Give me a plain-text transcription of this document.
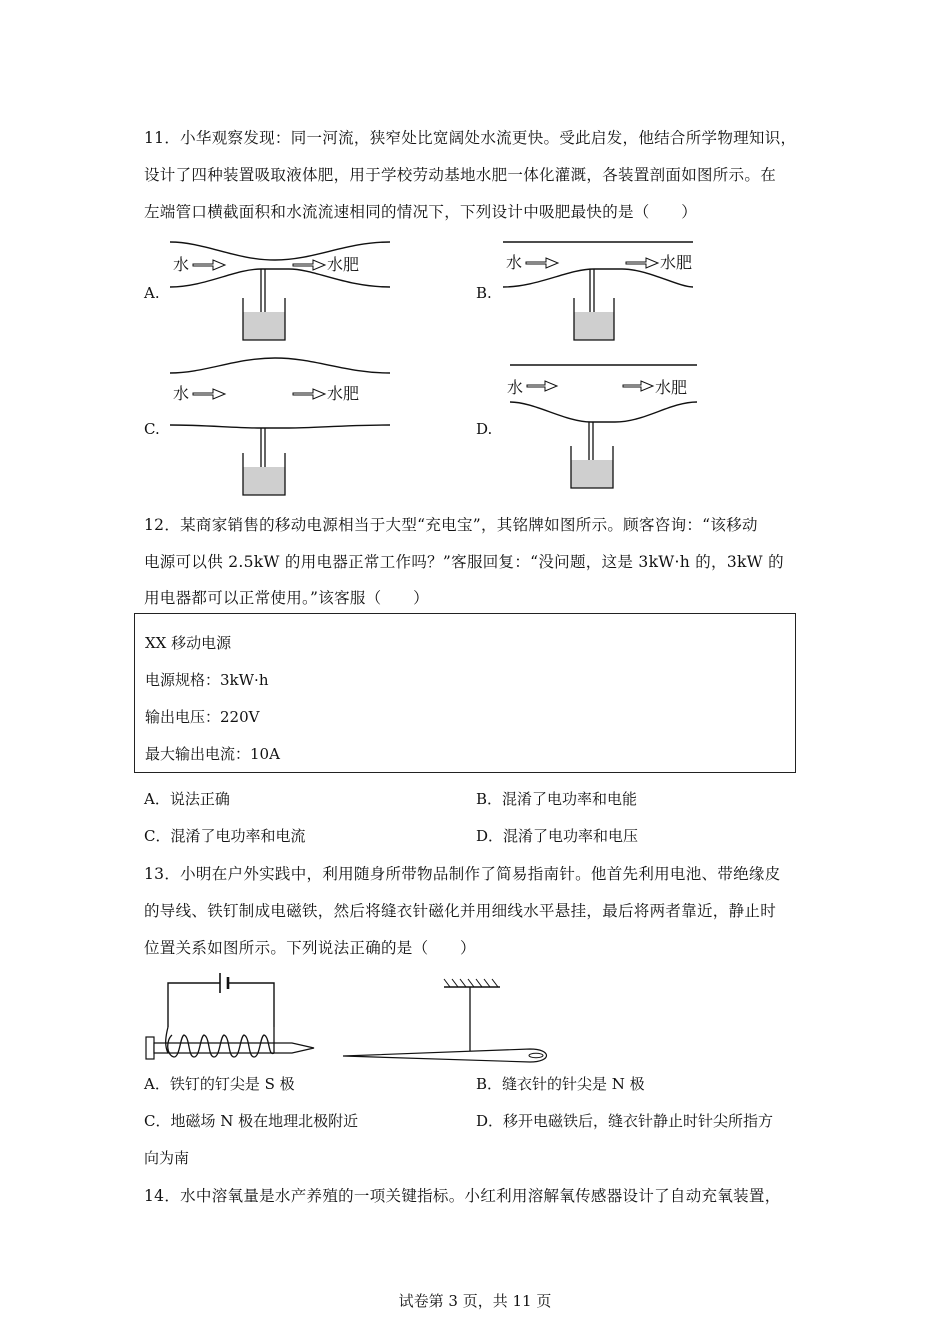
11．小华观察发现：同一河流，狭窄处比宽阔处水流更快。受此启发，他结合所学物理知识，
设计了四种装置吸取液体肥，用于学校劳动基地水肥一体化灌溉，各装置剖面如图所示。在
左端管口横截面积和水流流速相同的情况下，下列设计中吸肥最快的是（　　）
A.
水	水肥
B.
水	水肥
C.
水	水肥
D.
水	水肥
12．某商家销售的移动电源相当于大型“充电宝”，其铭牌如图所示。顾客咨询：“该移动
电源可以供 2.5kW 的用电器正常工作吗？”客服回复：“没问题，这是 3kW·h 的，3kW 的
用电器都可以正常使用。”该客服（　　）
XX 移动电源
电源规格：3kW·h
输出电压：220V
最大输出电流：10A
A．说法正确	B．混淆了电功率和电能
C．混淆了电功率和电流	D．混淆了电功率和电压
13．小明在户外实践中，利用随身所带物品制作了简易指南针。他首先利用电池、带绝缘皮
的导线、铁钉制成电磁铁，然后将缝衣针磁化并用细线水平悬挂，最后将两者靠近，静止时
位置关系如图所示。下列说法正确的是（　　）
A．铁钉的钉尖是 S 极	B．缝衣针的针尖是 N 极
C．地磁场 N 极在地理北极附近	D．移开电磁铁后，缝衣针静止时针尖所指方
向为南
14．水中溶氧量是水产养殖的一项关键指标。小红利用溶解氧传感器设计了自动充氧装置，
试卷第 3 页，共 11 页
